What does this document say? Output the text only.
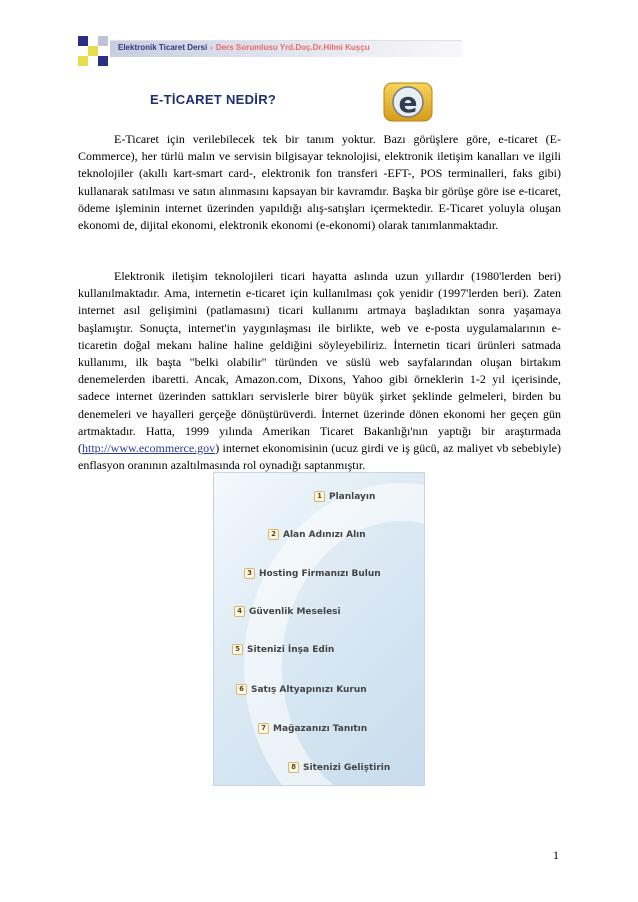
Elektronik Ticaret Dersi - Ders Sorumlusu Yrd.Doç.Dr.Hilmi Kuşçu
E-TİCARET NEDİR?	e

E-Ticaret için verilebilecek tek bir tanım yoktur. Bazı görüşlere göre, e-ticaret (E-Commerce), her türlü malın ve servisin bilgisayar teknolojisi, elektronik iletişim kanalları ve ilgili teknolojiler (akıllı kart-smart card-, elektronik fon transferi -EFT-, POS terminalleri, faks gibi) kullanarak satılması ve satın alınmasını kapsayan bir kavramdır. Başka bir görüşe göre ise e-ticaret, ödeme işleminin internet üzerinden yapıldığı alış-satışları içermektedir. E-Ticaret yoluyla oluşan ekonomi de, dijital ekonomi, elektronik ekonomi (e-ekonomi) olarak tanımlanmaktadır.

Elektronik iletişim teknolojileri ticari hayatta aslında uzun yıllardır (1980'lerden beri) kullanılmaktadır. Ama, internetin e-ticaret için kullanılması çok yenidir (1997'lerden beri). Zaten internet asıl gelişimini (patlamasını) ticari kullanımı artmaya başladıktan sonra yaşamaya başlamıştır. Sonuçta, internet'in yaygınlaşması ile birlikte, web ve e-posta uygulamalarının e-ticaretin doğal mekanı haline haline geldiğini söyleyebiliriz. İnternetin ticari ürünleri satmada kullanımı, ilk başta "belki olabilir" türünden ve süslü web sayfalarından oluşan birtakım denemelerden ibaretti. Ancak, Amazon.com, Dixons, Yahoo gibi örneklerin 1-2 yıl içerisinde, sadece internet üzerinden sattıkları servislerle birer büyük şirket şeklinde gelmeleri, birden bu denemeleri ve hayalleri gerçeğe dönüştürüverdi. İnternet üzerinde dönen ekonomi her geçen gün artmaktadır. Hatta, 1999 yılında Amerikan Ticaret Bakanlığı'nın yaptığı bir araştırmada (http://www.ecommerce.gov) internet ekonomisinin (ucuz girdi ve iş gücü, az maliyet vb sebebiyle) enflasyon oranının azaltılmasında rol oynadığı saptanmıştır.

1 Planlayın
2 Alan Adınızı Alın
3 Hosting Firmanızı Bulun
4 Güvenlik Meselesi
5 Sitenizi İnşa Edin
6 Satış Altyapınızı Kurun
7 Mağazanızı Tanıtın
8 Sitenizi Geliştirin
1
